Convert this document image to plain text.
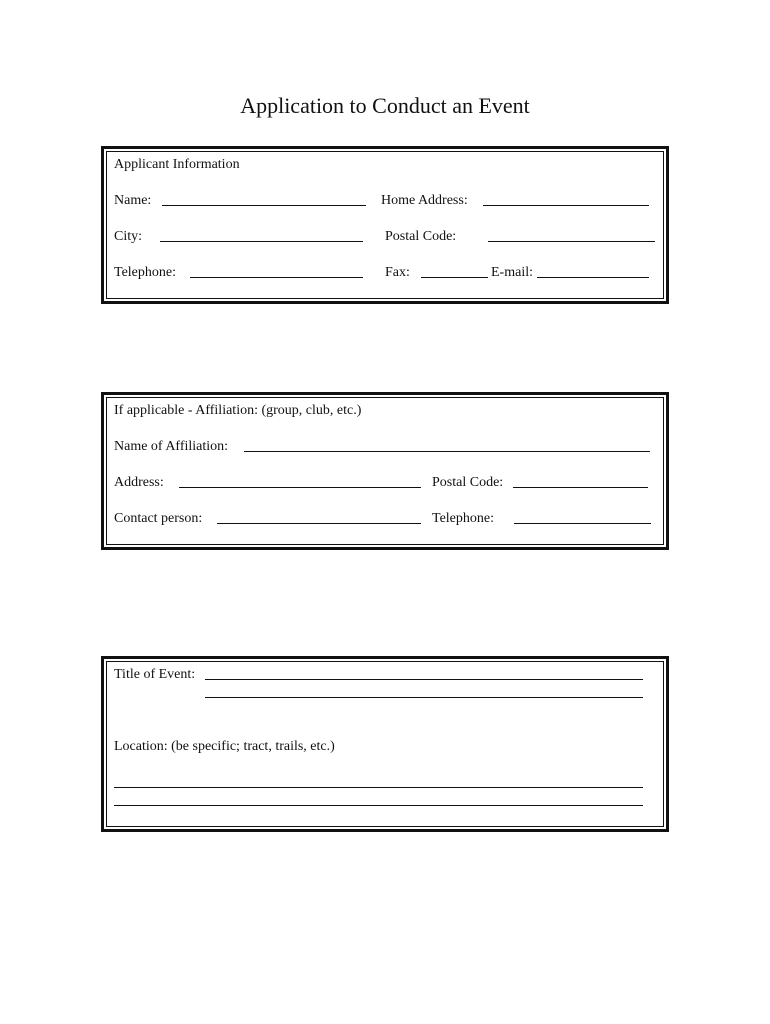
Application to Conduct an Event
Applicant Information
Name:	Home Address:
City:	Postal Code:
Telephone:	Fax:	E-mail:
If applicable - Affiliation: (group, club, etc.)
Name of Affiliation:
Address:	Postal Code:
Contact person:	Telephone:
Title of Event:
Location: (be specific; tract, trails, etc.)
